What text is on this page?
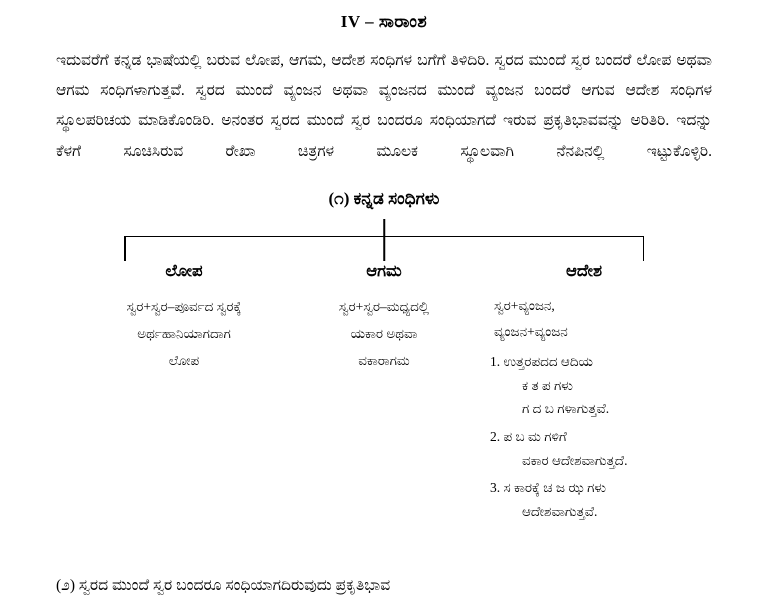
IV – ಸಾರಾಂಶ
ಇದುವರೆಗೆ ಕನ್ನಡ ಭಾಷೆಯಲ್ಲಿ ಬರುವ ಲೋಪ, ಆಗಮ, ಆದೇಶ ಸಂಧಿಗಳ ಬಗೆಗೆ ತಿಳಿದಿರಿ. ಸ್ವರದ ಮುಂದೆ ಸ್ವರ ಬಂದರೆ ಲೋಪ ಅಥವಾ ಆಗಮ ಸಂಧಿಗಳಾಗುತ್ತವೆ. ಸ್ವರದ ಮುಂದೆ ವ್ಯಂಜನ ಅಥವಾ ವ್ಯಂಜನದ ಮುಂದೆ ವ್ಯಂಜನ ಬಂದರೆ ಆಗುವ ಆದೇಶ ಸಂಧಿಗಳ ಸ್ಥೂಲಪರಿಚಯ ಮಾಡಿಕೊಂಡಿರಿ. ಅನಂತರ ಸ್ವರದ ಮುಂದೆ ಸ್ವರ ಬಂದರೂ ಸಂಧಿಯಾಗದೆ ಇರುವ ಪ್ರಕೃತಿಭಾವವನ್ನು ಅರಿತಿರಿ. ಇದನ್ನು ಕೆಳಗೆ ಸೂಚಿಸಿರುವ ರೇಖಾ ಚಿತ್ರಗಳ ಮೂಲಕ ಸ್ಥೂಲವಾಗಿ ನೆನಪಿನಲ್ಲಿ ಇಟ್ಟುಕೊಳ್ಳಿರಿ.
(೧) ಕನ್ನಡ ಸಂಧಿಗಳು
ಲೋಪ
ಸ್ವರ+ಸ್ವರ–ಪೂರ್ವದ ಸ್ವರಕ್ಕೆ
ಅರ್ಥಹಾನಿಯಾಗದಾಗ
ಲೋಪ
ಆಗಮ
ಸ್ವರ+ಸ್ವರ–ಮಧ್ಯದಲ್ಲಿ
ಯಕಾರ ಅಥವಾ
ವಕಾರಾಗಮ
ಆದೇಶ
ಸ್ವರ+ವ್ಯಂಜನ,
ವ್ಯಂಜನ+ವ್ಯಂಜನ
1. ಉತ್ತರಪದದ ಆದಿಯ
ಕ ತ ಪ ಗಳು
ಗ ದ ಬ ಗಳಾಗುತ್ತವೆ.
2. ಪ ಬ ಮ ಗಳಿಗೆ
ವಕಾರ ಆದೇಶವಾಗುತ್ತದೆ.
3. ಸ ಕಾರಕ್ಕೆ ಚ ಜ ಝ ಗಳು
ಆದೇಶವಾಗುತ್ತವೆ.
(೨) ಸ್ವರದ ಮುಂದೆ ಸ್ವರ ಬಂದರೂ ಸಂಧಿಯಾಗದಿರುವುದು ಪ್ರಕೃತಿಭಾವ
